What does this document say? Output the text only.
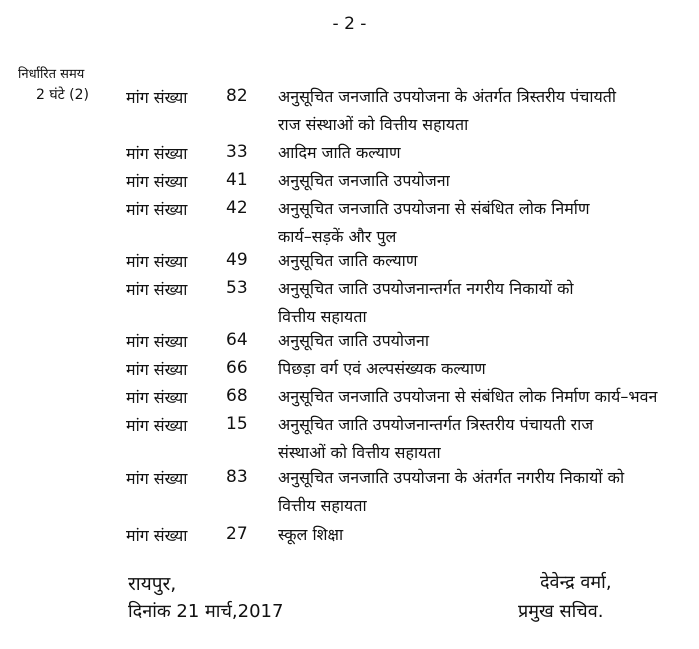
- 2 -
निर्धारित समय
2 घंटे (2) मांग संख्या 82	अनुसूचित जनजाति उपयोजना के अंतर्गत त्रिस्तरीय पंचायती
राज संस्थाओं को वित्तीय सहायता
मांग संख्या 33	आदिम जाति कल्याण
मांग संख्या 41	अनुसूचित जनजाति उपयोजना
मांग संख्या 42	अनुसूचित जनजाति उपयोजना से संबंधित लोक निर्माण
कार्य–सड़कें और पुल
मांग संख्या 49	अनुसूचित जाति कल्याण
मांग संख्या 53	अनुसूचित जाति उपयोजनान्तर्गत नगरीय निकायों को
वित्तीय सहायता
मांग संख्या 64	अनुसूचित जाति उपयोजना
मांग संख्या 66	पिछड़ा वर्ग एवं अल्पसंख्यक कल्याण
मांग संख्या 68	अनुसूचित जनजाति उपयोजना से संबंधित लोक निर्माण कार्य–भवन
मांग संख्या 15	अनुसूचित जाति उपयोजनान्तर्गत त्रिस्तरीय पंचायती राज
संस्थाओं को वित्तीय सहायता
मांग संख्या 83	अनुसूचित जनजाति उपयोजना के अंतर्गत नगरीय निकायों को
वित्तीय सहायता
मांग संख्या 27	स्कूल शिक्षा
रायपुर,
दिनांक 21 मार्च,2017
देवेन्द्र वर्मा,
प्रमुख सचिव.
